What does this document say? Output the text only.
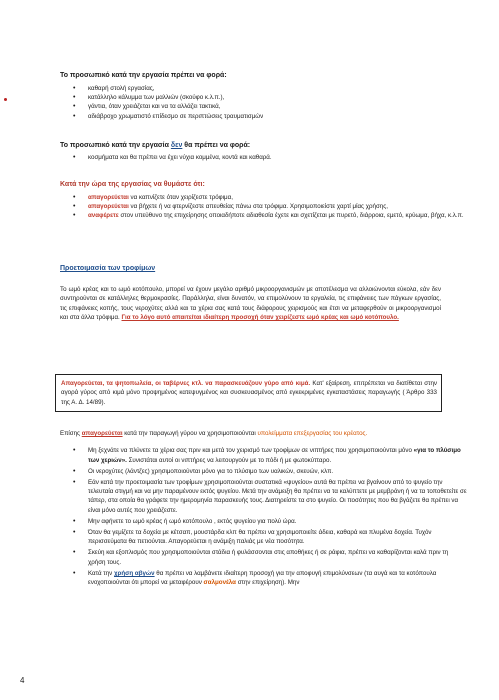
Το προσωπικό κατά την εργασία πρέπει να φορά:

• καθαρή στολή εργασίας,
• κατάλληλο κάλυμμα των μαλλιών (σκούφο κ.λ.π.),
• γάντια, όταν χρειάζεται και να τα αλλάζει τακτικά,
• αδιάβροχο χρωματιστό επίδεσμο σε περιπτώσεις τραυματισμών

Το προσωπικό κατά την εργασία δεν θα πρέπει να φορά:

• κοσμήματα και θα πρέπει να έχει νύχια κομμένα, κοντά και καθαρά.

Κατά την ώρα της εργασίας να θυμάστε ότι:

• απαγορεύεται να καπνίζετε όταν χειρίζεστε τρόφιμα,
• απαγορεύεται να βήχετε ή να φτερνίζεστε απευθείας πάνω στα τρόφιμα. Χρησιμοποιείστε χαρτί μίας χρήσης,
• αναφέρετε στον υπεύθυνο της επιχείρησης οποιαδήποτε αδιαθεσία έχετε και σχετίζεται με πυρετό, διάρροια, εμετό, κρύωμα, βήχα, κ.λ.π.

Προετοιμασία των τροφίμων

Το ωμό κρέας και το ωμό κοτόπουλο, μπορεί να έχουν μεγάλο αριθμό μικροοργανισμών με αποτέλεσμα να αλλοιώνονται εύκολα, εάν δεν συντηρούνται σε κατάλληλες θερμοκρασίες. Παράλληλα, είναι δυνατόν, να επιμολύνουν τα εργαλεία, τις επιφάνειες των πάγκων εργασίας, τις επιφάνειες κοπής, τους νεροχύτες αλλά και τα χέρια σας κατά τους διάφορους χειρισμούς και έτσι να μεταφερθούν οι μικροοργανισμοί και στα άλλα τρόφιμα. Για το λόγο αυτό απαιτείται ιδιαίτερη προσοχή όταν χειρίζεστε ωμό κρέας και ωμό κοτόπουλο.

Απαγορεύεται, τα ψητοπωλεία, οι ταβέρνες κτλ. να παρασκευάζουν γύρο από κιμά. Κατ' εξαίρεση, επιτρέπεται να διατίθεται στην αγορά γύρος από κιμά μόνο προψημένος κατεψυγμένος και συσκευασμένος από εγκεκριμένες εγκαταστάσεις παραγωγής ( Άρθρο 333 της Α. Δ. 14/89).

Επίσης απαγορεύεται κατά την παραγωγή γύρου να χρησιμοποιούνται υπολείμματα επεξεργασίας του κρέατος.

• Μη ξεχνάτε να πλύνετε τα χέρια σας πριν και μετά τον χειρισμό των τροφίμων σε νιπτήρες που χρησιμοποιούνται μόνο «για το πλύσιμο των χεριών». Συνιστάται αυτοί οι νιπτήρες να λειτουργούν με το πόδι ή με φωτοκύτταρο.
• Οι νεροχύτες (λάντζες) χρησιμοποιούνται μόνο για το πλύσιμο των υαλικών, σκευών, κλπ.
• Εάν κατά την προετοιμασία των τροφίμων χρησιμοποιούνται συστατικά «ψυγείου» αυτά θα πρέπει να βγαίνουν από το ψυγείο την τελευταία στιγμή και να μην παραμένουν εκτός ψυγείου. Μετά την ανάμειξη θα πρέπει να τα καλύπτετε με μεμβράνη ή να τα τοποθετείτε σε τάπερ, στα οποία θα γράφετε την ημερομηνία παρασκευής τους. Διατηρείστε τα στο ψυγείο. Οι ποσότητες που θα βγάζετε θα πρέπει να είναι μόνο αυτές που χρειάζεστε.
• Μην αφήνετε το ωμό κρέας ή ωμό κοτόπουλο , εκτός ψυγείου για πολύ ώρα.
• Όταν θα γεμίζετε τα δοχεία με κέτσαπ, μουστάρδα κλπ θα πρέπει να χρησιμοποιείτε άδεια, καθαρά και πλυμένα δοχεία. Τυχόν περισσεύματα θα πετιούνται. Απαγορεύεται η ανάμιξη παλιάς με νέα ποσότητα.
• Σκεύη και εξοπλισμός που χρησιμοποιούνται στάδια ή φυλάσσονται στις αποθήκες ή σε ράφια, πρέπει να καθαρίζονται καλά πριν τη χρήση τους.
• Κατά την χρήση αβγών θα πρέπει να λαμβάνετε ιδιαίτερη προσοχή για την αποφυγή επιμολύνσεων (τα αυγά και τα κοτόπουλα ενοχοποιούνται ότι μπορεί να μεταφέρουν σαλμονέλα στην επιχείρηση). Μην
4
